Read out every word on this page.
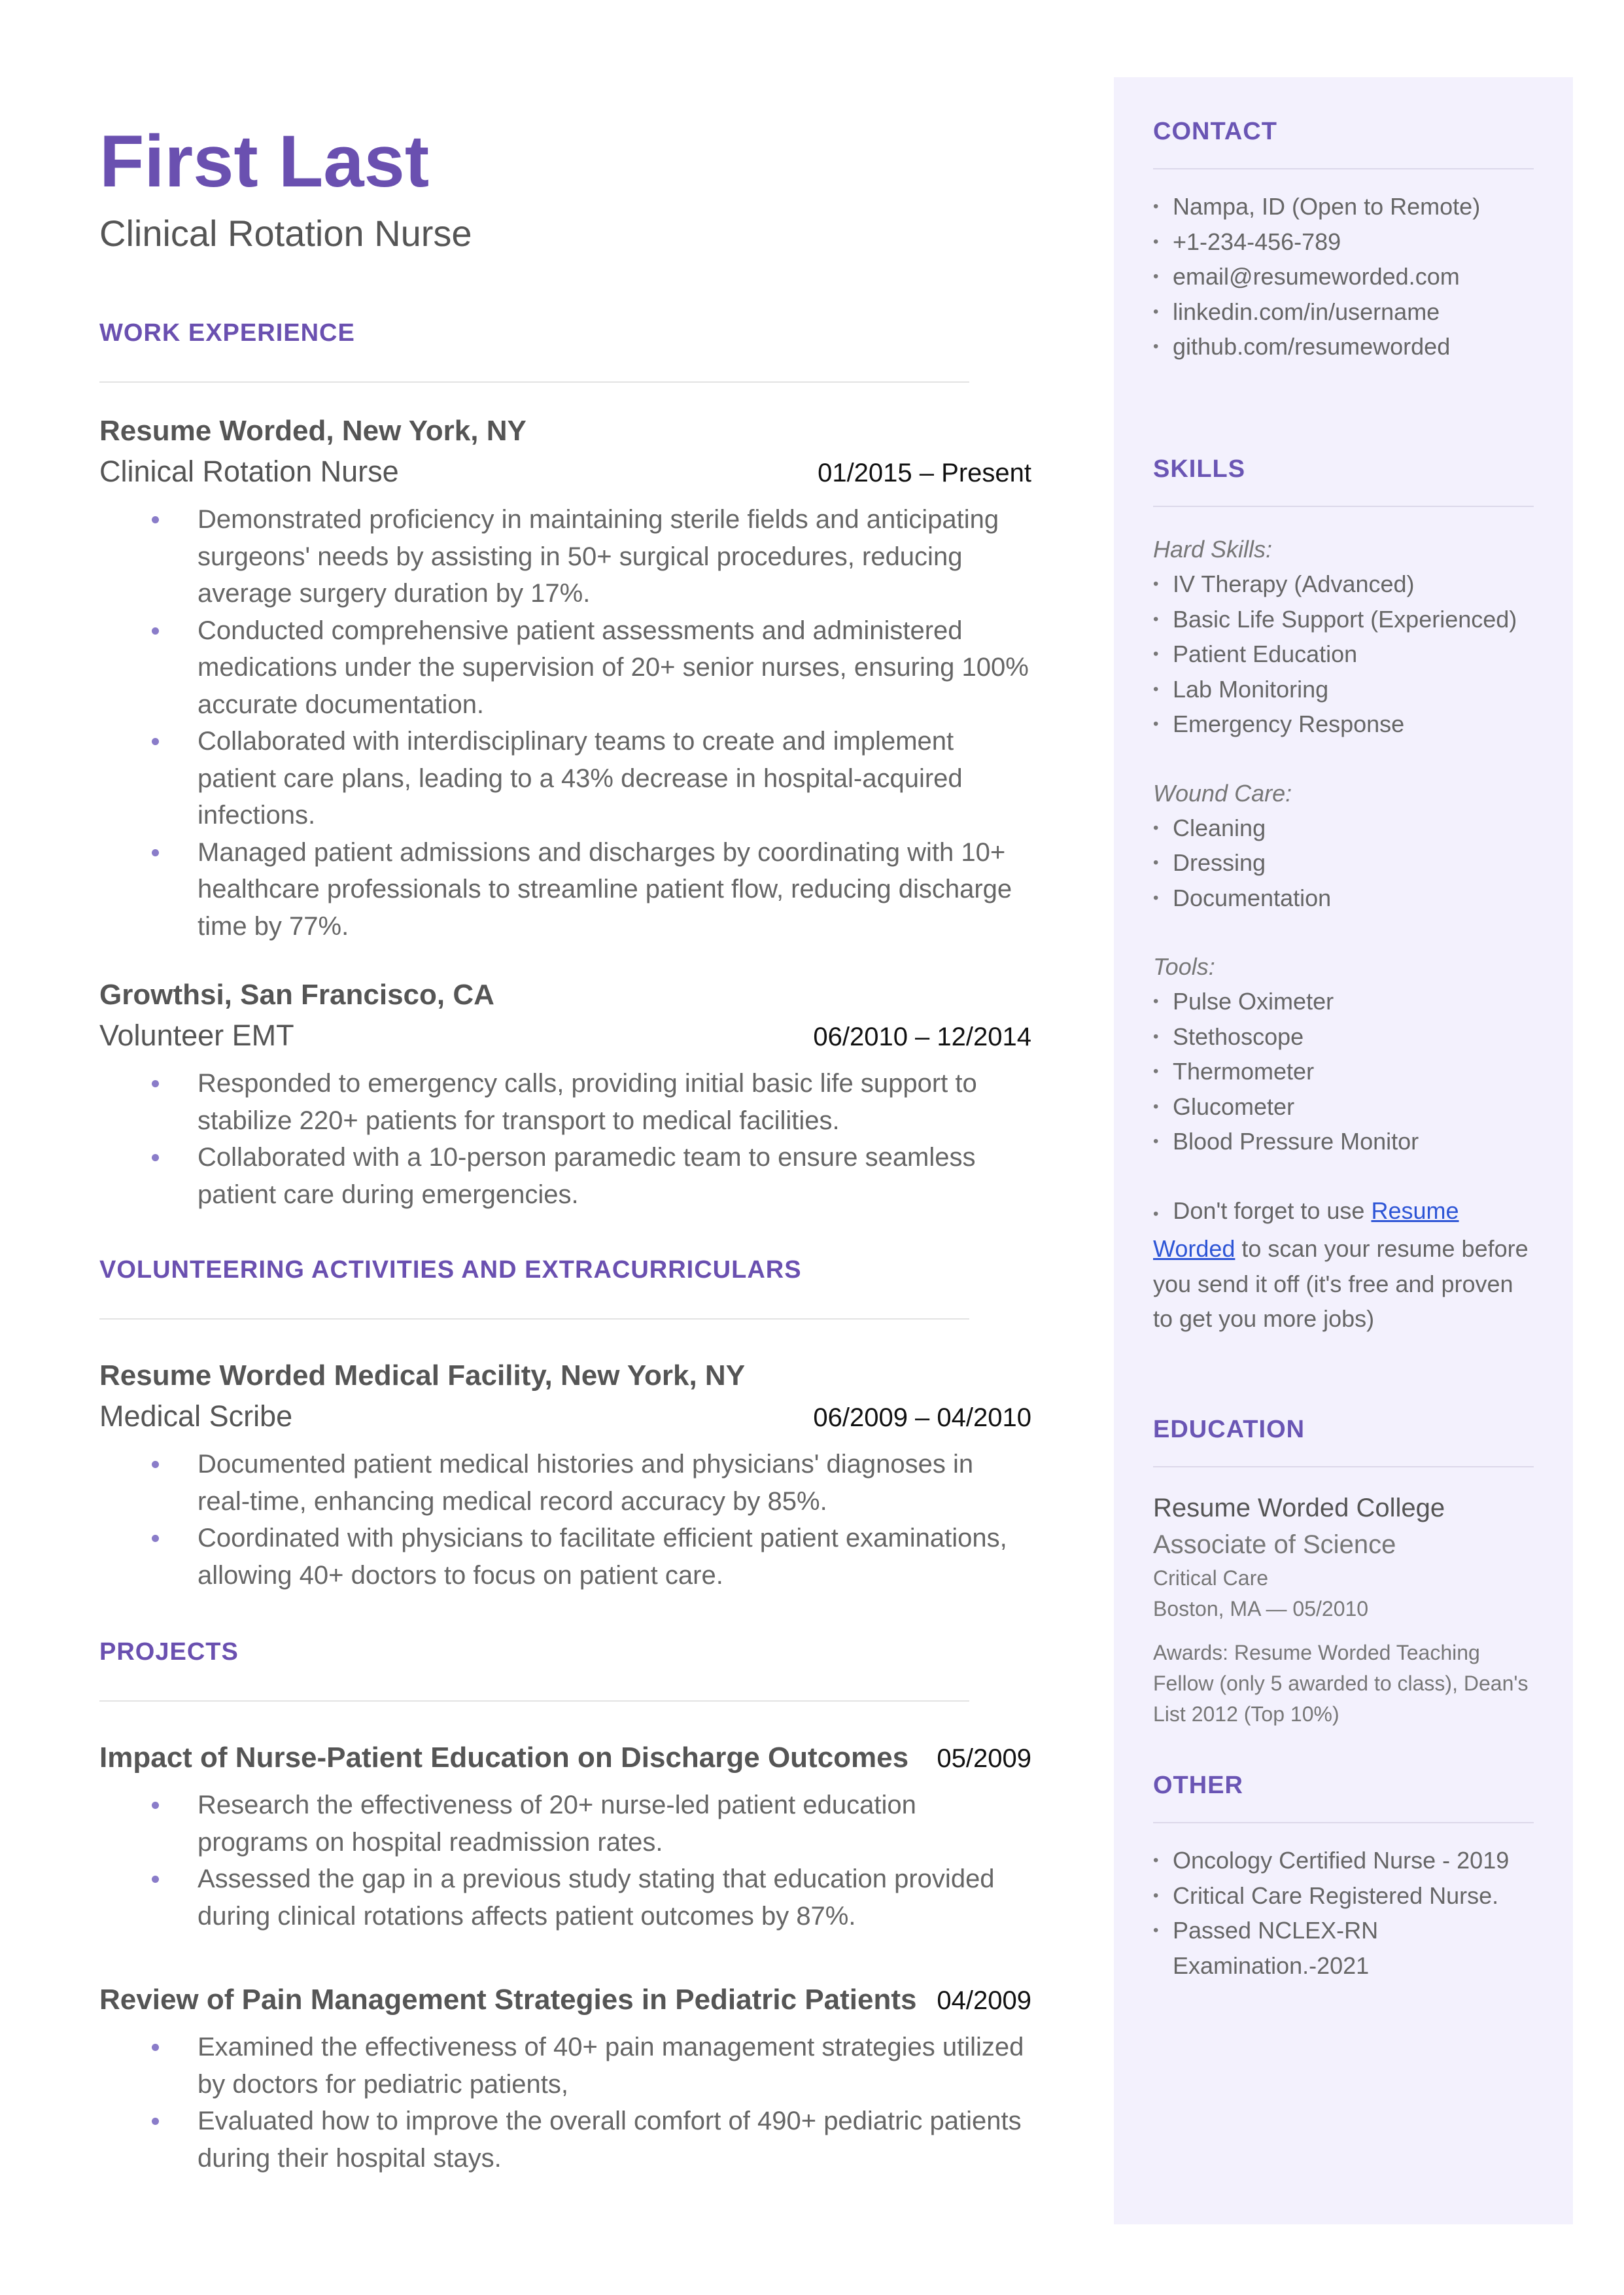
CONTACT
• Nampa, ID (Open to Remote)
• +1-234-456-789
• email@resumeworded.com
• linkedin.com/in/username
• github.com/resumeworded
SKILLS
Hard Skills:
• IV Therapy (Advanced)
• Basic Life Support (Experienced)
• Patient Education
• Lab Monitoring
• Emergency Response
Wound Care:
• Cleaning
• Dressing
• Documentation
Tools:
• Pulse Oximeter
• Stethoscope
• Thermometer
• Glucometer
• Blood Pressure Monitor
• Don't forget to use Resume Worded to scan your resume before you send it off (it's free and proven to get you more jobs)
EDUCATION
Resume Worded College
Associate of Science
Critical Care
Boston, MA — 05/2010
Awards: Resume Worded Teaching Fellow (only 5 awarded to class), Dean's List 2012 (Top 10%)
OTHER
• Oncology Certified Nurse - 2019
• Critical Care Registered Nurse.
• Passed NCLEX-RN Examination.-2021
First Last
Clinical Rotation Nurse
WORK EXPERIENCE
Resume Worded, New York, NY
Clinical Rotation Nurse	01/2015 – Present
Demonstrated proficiency in maintaining sterile fields and anticipating surgeons' needs by assisting in 50+ surgical procedures, reducing average surgery duration by 17%.
Conducted comprehensive patient assessments and administered medications under the supervision of 20+ senior nurses, ensuring 100% accurate documentation.
Collaborated with interdisciplinary teams to create and implement patient care plans, leading to a 43% decrease in hospital-acquired infections.
Managed patient admissions and discharges by coordinating with 10+ healthcare professionals to streamline patient flow, reducing discharge time by 77%.
Growthsi, San Francisco, CA
Volunteer EMT	06/2010 – 12/2014
Responded to emergency calls, providing initial basic life support to stabilize 220+ patients for transport to medical facilities.
Collaborated with a 10-person paramedic team to ensure seamless patient care during emergencies.
VOLUNTEERING ACTIVITIES AND EXTRACURRICULARS
Resume Worded Medical Facility, New York, NY
Medical Scribe	06/2009 – 04/2010
Documented patient medical histories and physicians' diagnoses in real-time, enhancing medical record accuracy by 85%.
Coordinated with physicians to facilitate efficient patient examinations, allowing 40+ doctors to focus on patient care.
PROJECTS
Impact of Nurse-Patient Education on Discharge Outcomes 05/2009
Research the effectiveness of 20+ nurse-led patient education programs on hospital readmission rates.
Assessed the gap in a previous study stating that education provided during clinical rotations affects patient outcomes by 87%.
Review of Pain Management Strategies in Pediatric Patients 04/2009
Examined the effectiveness of 40+ pain management strategies utilized by doctors for pediatric patients,
Evaluated how to improve the overall comfort of 490+ pediatric patients during their hospital stays.
